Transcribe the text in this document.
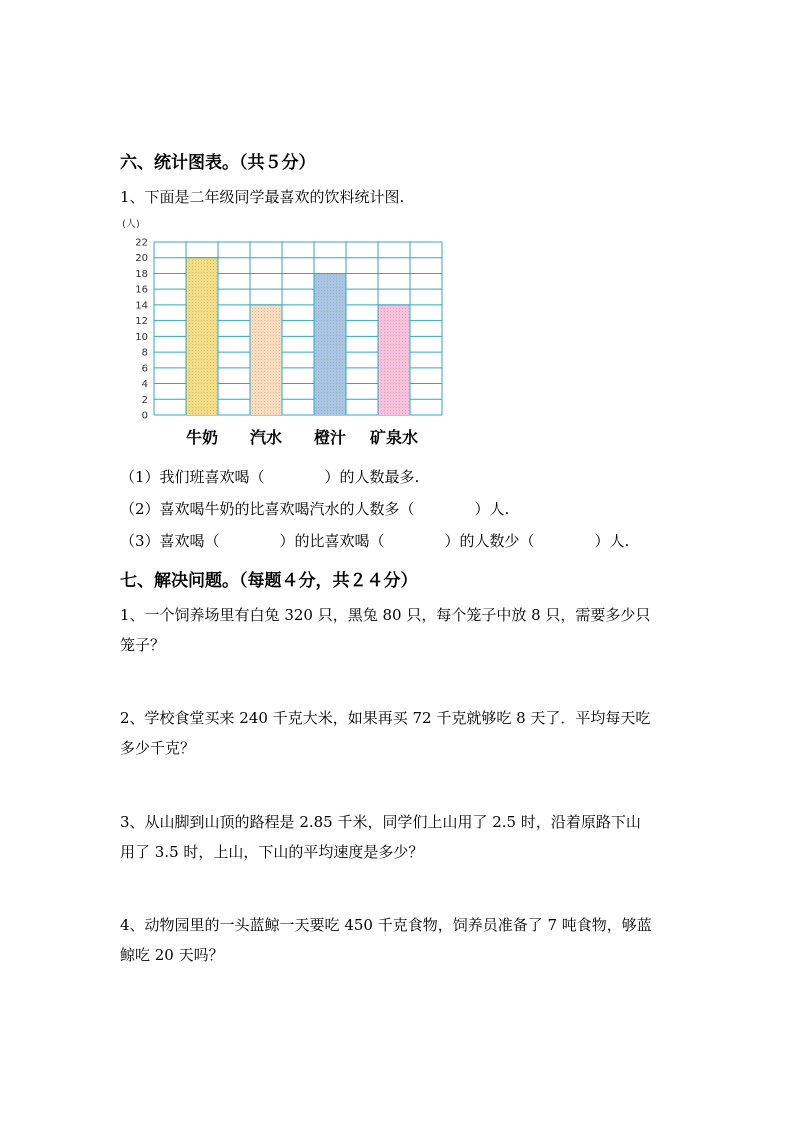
六、统计图表。（共５分）
1、下面是二年级同学最喜欢的饮料统计图.
0
2
4
6
8
10
12
14
16
18
20
22
(人)
牛奶 汽水 橙汁 矿泉水
（1）我们班喜欢喝（　　　　）的人数最多.
（2）喜欢喝牛奶的比喜欢喝汽水的人数多（　　　　）人.
（3）喜欢喝（　　　　）的比喜欢喝（　　　　）的人数少（　　　　）人.
七、解决问题。（每题４分，共２４分）
1、一个饲养场里有白兔 320 只，黑兔 80 只，每个笼子中放 8 只，需要多少只
笼子？
2、学校食堂买来 240 千克大米，如果再买 72 千克就够吃 8 天了．平均每天吃
多少千克？
3、从山脚到山顶的路程是 2.85 千米，同学们上山用了 2.5 时，沿着原路下山
用了 3.5 时，上山，下山的平均速度是多少？
4、动物园里的一头蓝鲸一天要吃 450 千克食物，饲养员准备了 7 吨食物，够蓝
鲸吃 20 天吗？
